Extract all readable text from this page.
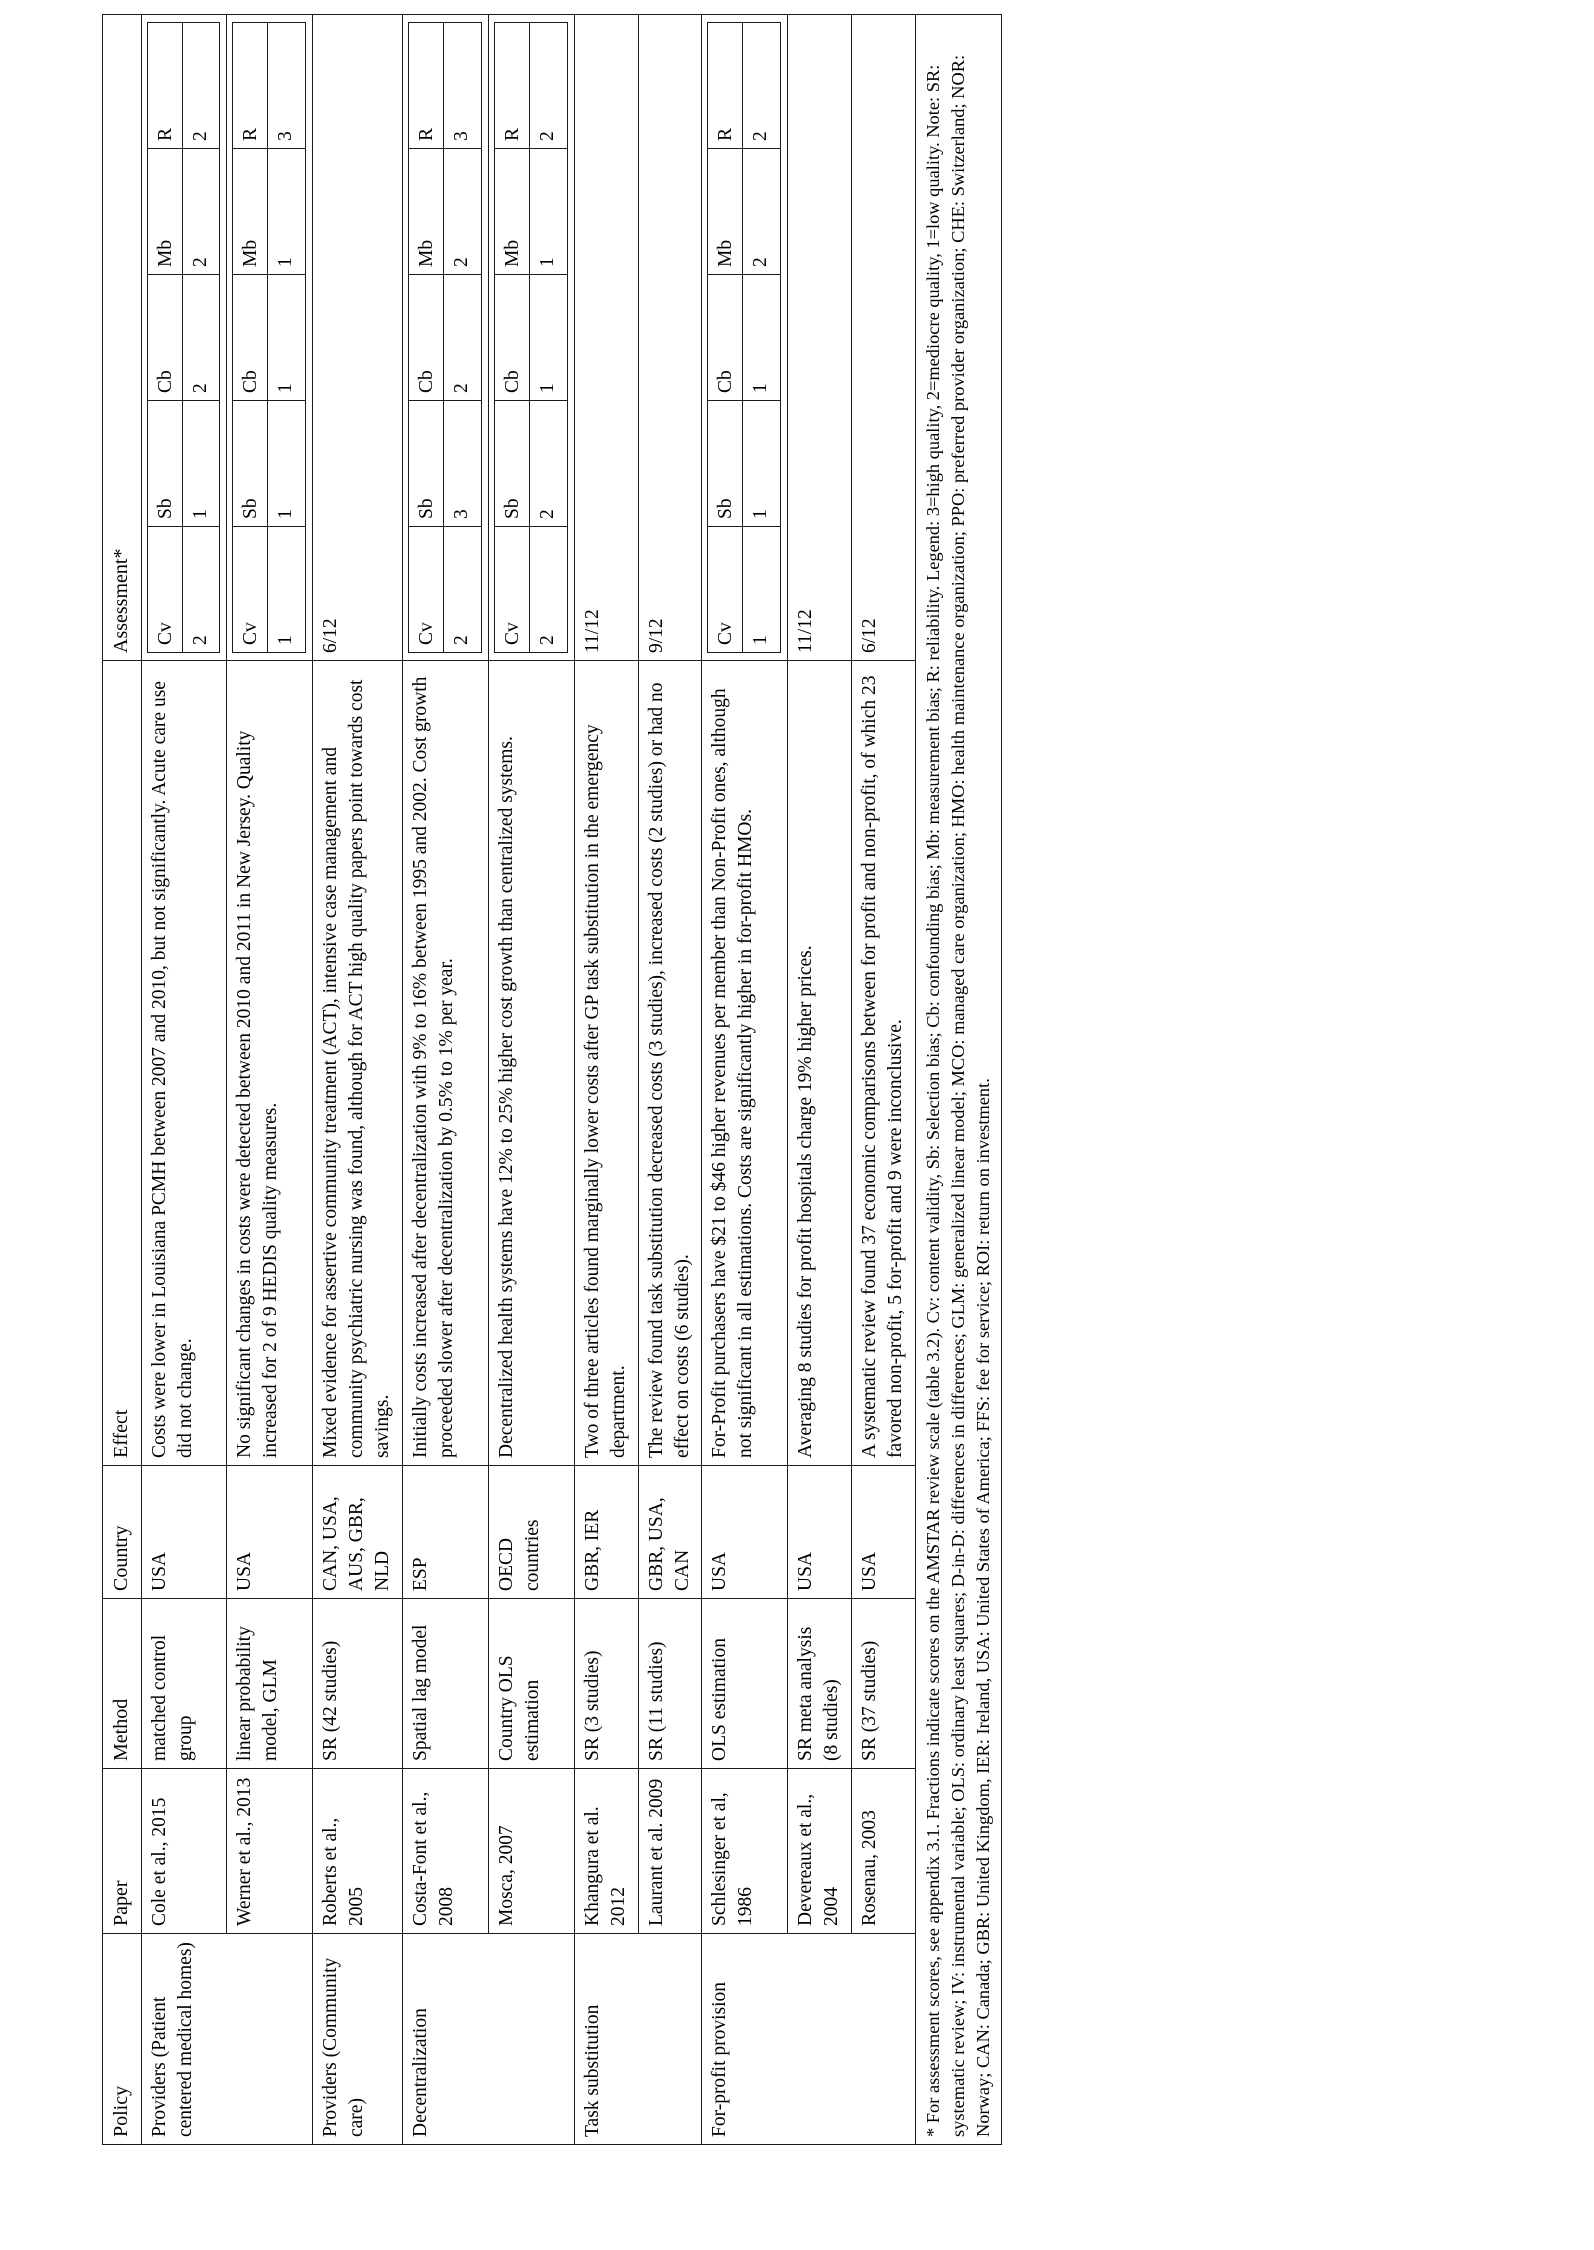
Policy	Paper	Method	Country	Effect	Assessment*
Providers (Patient centered medical homes)	Cole et al., 2015	matched control group	USA	Costs were lower in Louisiana PCMH between 2007 and 2010, but not significantly. Acute care use did not change.	
Cv	Sb	Cb	Mb	R
2	1	2	2	2

Werner et al., 2013	linear probability model, GLM	USA	No significant changes in costs were detected between 2010 and 2011 in New Jersey. Quality increased for 2 of 9 HEDIS quality measures.	
Cv	Sb	Cb	Mb	R
1	1	1	1	3

Providers (Community care)	Roberts et al., 2005	SR (42 studies)	CAN, USA, AUS, GBR, NLD	Mixed evidence for assertive community treatment (ACT), intensive case management and community psychiatric nursing was found, although for ACT high quality papers point towards cost savings.	6/12
Decentralization	Costa-Font et al., 2008	Spatial lag model	ESP	Initially costs increased after decentralization with 9% to 16% between 1995 and 2002. Cost growth proceeded slower after decentralization by 0.5% to 1% per year.	
Cv	Sb	Cb	Mb	R
2	3	2	2	3

Mosca, 2007	Country OLS estimation	OECD countries	Decentralized health systems have 12% to 25% higher cost growth than centralized systems.	
Cv	Sb	Cb	Mb	R
2	2	1	1	2

Task substitution	Khangura et al. 2012	SR (3 studies)	GBR, IER	Two of three articles found marginally lower costs after GP task substitution in the emergency department.	11/12
Laurant et al. 2009	SR (11 studies)	GBR, USA, CAN	The review found task substitution decreased costs (3 studies), increased costs (2 studies) or had no effect on costs (6 studies).	9/12
For-profit provision	Schlesinger et al, 1986	OLS estimation	USA	For-Profit purchasers have $21 to $46 higher revenues per member than Non-Profit ones, although not significant in all estimations. Costs are significantly higher in for-profit HMOs.	
Cv	Sb	Cb	Mb	R
1	1	1	2	2

Devereaux et al., 2004	SR meta analysis (8 studies)	USA	Averaging 8 studies for profit hospitals charge 19% higher prices.	11/12
Rosenau, 2003	SR (37 studies)	USA	A systematic review found 37 economic comparisons between for profit and non-profit, of which 23 favored non-profit, 5 for-profit and 9 were inconclusive.	6/12
* For assessment scores, see appendix 3.1. Fractions indicate scores on the AMSTAR review scale (table 3.2). Cv: content validity, Sb: Selection bias; Cb: confounding bias; Mb: measurement bias; R: reliability. Legend: 3=high quality, 2=mediocre quality, 1=low quality. Note: SR: systematic review; IV: instrumental variable; OLS: ordinary least squares; D-in-D: differences in differences; GLM: generalized linear model; MCO: managed care organization; HMO: health maintenance organization; PPO: preferred provider organization; CHE: Switzerland; NOR: Norway; CAN: Canada; GBR: United Kingdom, IER: Ireland, USA: United States of America; FFS: fee for service; ROI: return on investment.
